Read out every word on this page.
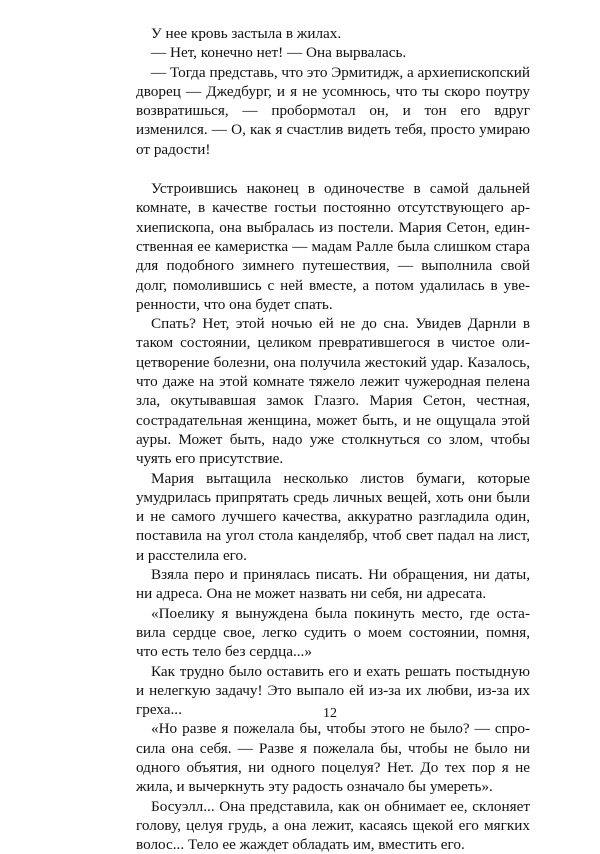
У нее кровь застыла в жилах.

— Нет, конечно нет! — Она вырвалась.

— Тогда представь, что это Эрмитидж, а архиепископский дворец — Джедбург, и я не усомнюсь, что ты скоро поутру возвратишься, — пробормотал он, и тон его вдруг изменился. — О, как я счастлив видеть тебя, просто умираю от радости!

Устроившись наконец в одиночестве в самой дальней комнате, в качестве гостьи постоянно отсутствующего архиепископа, она выбралась из постели. Мария Сетон, единственная ее камеристка — мадам Ралле была слишком стара для подобного зимнего путешествия, — выполнила свой долг, помолившись с ней вместе, а потом удалилась в уверенности, что она будет спать.

Спать? Нет, этой ночью ей не до сна. Увидев Дарнли в таком состоянии, целиком превратившегося в чистое олицетворение болезни, она получила жестокий удар. Казалось, что даже на этой комнате тяжело лежит чужеродная пелена зла, окутывавшая замок Глазго. Мария Сетон, честная, сострадательная женщина, может быть, и не ощущала этой ауры. Может быть, надо уже столкнуться со злом, чтобы чуять его присутствие.

Мария вытащила несколько листов бумаги, которые умудрилась припрятать средь личных вещей, хоть они были и не самого лучшего качества, аккуратно разгладила один, поставила на угол стола канделябр, чтоб свет падал на лист, и расстелила его.

Взяла перо и принялась писать. Ни обращения, ни даты, ни адреса. Она не может назвать ни себя, ни адресата.

«Поелику я вынуждена была покинуть место, где оставила сердце свое, легко судить о моем состоянии, помня, что есть тело без сердца...»

Как трудно было оставить его и ехать решать постыдную и нелегкую задачу! Это выпало ей из-за их любви, из-за их греха...

«Но разве я пожелала бы, чтобы этого не было? — спросила она себя. — Разве я пожелала бы, чтобы не было ни одного объятия, ни одного поцелуя? Нет. До тех пор я не жила, и вычеркнуть эту радость означало бы умереть».

Босуэлл... Она представила, как он обнимает ее, склоняет голову, целуя грудь, а она лежит, касаясь щекой его мягких волос... Тело ее жаждет обладать им, вместить его.

12
